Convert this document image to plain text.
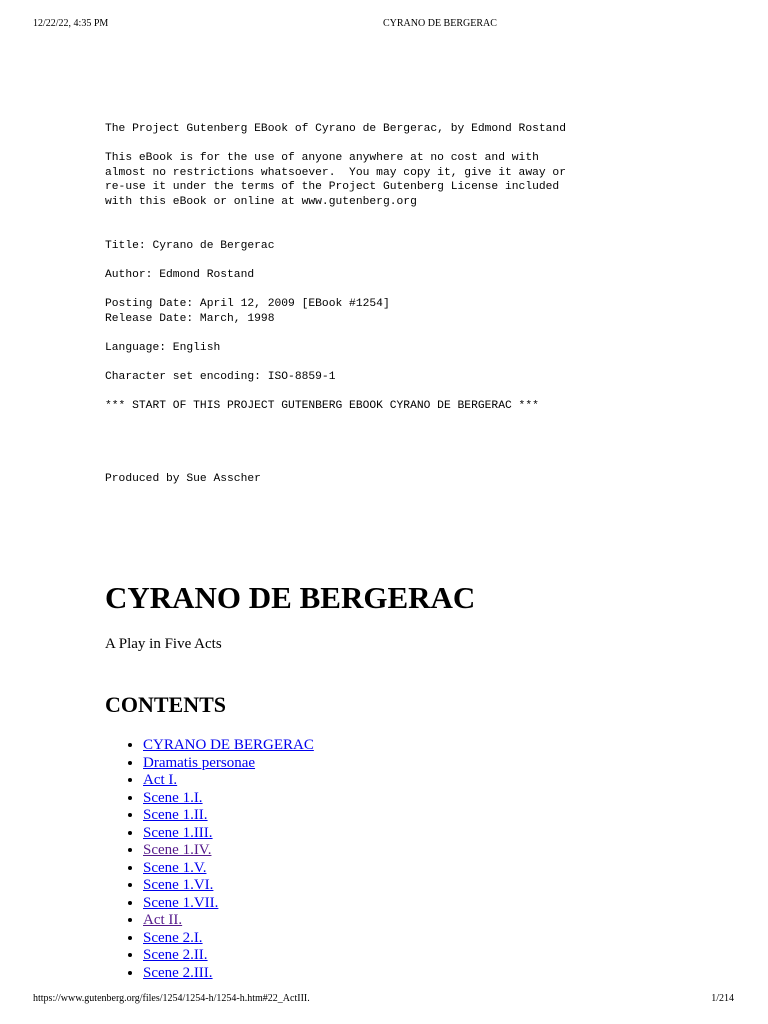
12/22/22, 4:35 PM	CYRANO DE BERGERAC
The Project Gutenberg EBook of Cyrano de Bergerac, by Edmond Rostand

This eBook is for the use of anyone anywhere at no cost and with
almost no restrictions whatsoever.  You may copy it, give it away or
re-use it under the terms of the Project Gutenberg License included
with this eBook or online at www.gutenberg.org

Title: Cyrano de Bergerac

Author: Edmond Rostand

Posting Date: April 12, 2009 [EBook #1254]
Release Date: March, 1998

Language: English

Character set encoding: ISO-8859-1

*** START OF THIS PROJECT GUTENBERG EBOOK CYRANO DE BERGERAC ***

Produced by Sue Asscher
CYRANO DE BERGERAC

A Play in Five Acts

CONTENTS
• CYRANO DE BERGERAC
• Dramatis personae
• Act I.
• Scene 1.I.
• Scene 1.II.
• Scene 1.III.
• Scene 1.IV.
• Scene 1.V.
• Scene 1.VI.
• Scene 1.VII.
• Act II.
• Scene 2.I.
• Scene 2.II.
• Scene 2.III.
https://www.gutenberg.org/files/1254/1254-h/1254-h.htm#22_ActIII.	1/214
